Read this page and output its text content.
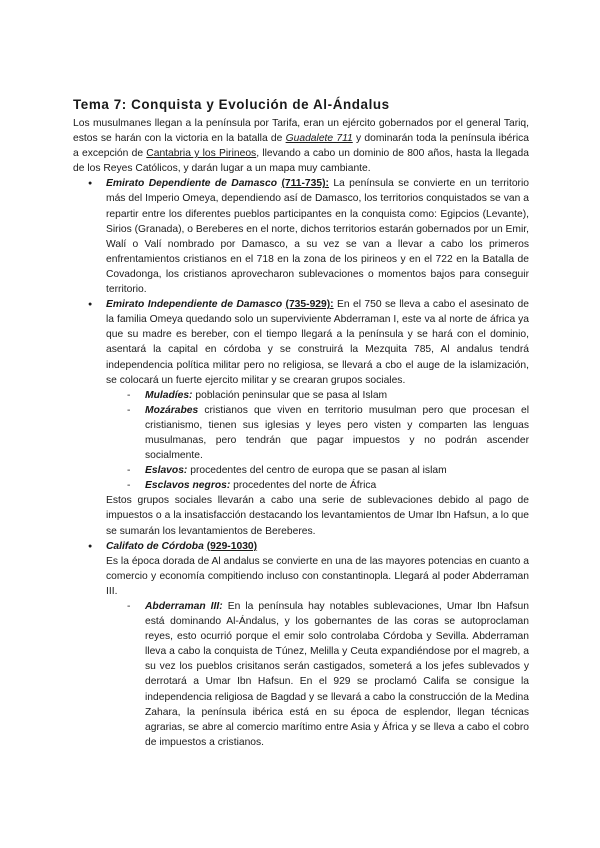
Tema 7: Conquista y Evolución de Al-Ándalus

Los musulmanes llegan a la península por Tarifa, eran un ejército gobernados por el general Tariq, estos se harán con la victoria en la batalla de Guadalete 711 y dominarán toda la península ibérica a excepción de Cantabria y los Pirineos, llevando a cabo un dominio de 800 años, hasta la llegada de los Reyes Católicos, y darán lugar a un mapa muy cambiante.

● Emirato Dependiente de Damasco (711-735): La península se convierte en un territorio más del Imperio Omeya, dependiendo así de Damasco, los territorios conquistados se van a repartir entre los diferentes pueblos participantes en la conquista como: Egipcios (Levante), Sirios (Granada), o Bereberes en el norte, dichos territorios estarán gobernados por un Emir, Walí o Valí nombrado por Damasco, a su vez se van a llevar a cabo los primeros enfrentamientos cristianos en el 718 en la zona de los pirineos y en el 722 en la Batalla de Covadonga, los cristianos aprovecharon sublevaciones o momentos bajos para conseguir territorio.
● Emirato Independiente de Damasco (735-929): En el 750 se lleva a cabo el asesinato de la familia Omeya quedando solo un superviviente Abderraman I, este va al norte de áfrica ya que su madre es bereber, con el tiempo llegará a la península y se hará con el dominio, asentará la capital en córdoba y se construirá la Mezquita 785, Al andalus tendrá independencia política militar pero no religiosa, se llevará a cbo el auge de la islamización, se colocará un fuerte ejercito militar y se crearan grupos sociales.
- Muladíes: población peninsular que se pasa al Islam
- Mozárabes cristianos que viven en territorio musulman pero que procesan el cristianismo, tienen sus iglesias y leyes pero visten y comparten las lenguas musulmanas, pero tendrán que pagar impuestos y no podrán ascender socialmente.
- Eslavos: procedentes del centro de europa que se pasan al islam
- Esclavos negros: procedentes del norte de África

Estos grupos sociales llevarán a cabo una serie de sublevaciones debido al pago de impuestos o a la insatisfacción destacando los levantamientos de Umar Ibn Hafsun, a lo que se sumarán los levantamientos de Bereberes.

● Califato de Córdoba (929-1030)

Es la época dorada de Al andalus se convierte en una de las mayores potencias en cuanto a comercio y economía compitiendo incluso con constantinopla. Llegará al poder Abderraman III.

- Abderraman III: En la península hay notables sublevaciones, Umar Ibn Hafsun está dominando Al-Ándalus, y los gobernantes de las coras se autoproclaman reyes, esto ocurrió porque el emir solo controlaba Córdoba y Sevilla. Abderraman lleva a cabo la conquista de Túnez, Melilla y Ceuta expandiéndose por el magreb, a su vez los pueblos crisitanos serán castigados, someterá a los jefes sublevados y derrotará a Umar Ibn Hafsun. En el 929 se proclamó Califa se consigue la independencia religiosa de Bagdad y se llevará a cabo la construcción de la Medina Zahara, la península ibérica está en su época de esplendor, llegan técnicas agrarias, se abre al comercio marítimo entre Asia y África y se lleva a cabo el cobro de impuestos a cristianos.
